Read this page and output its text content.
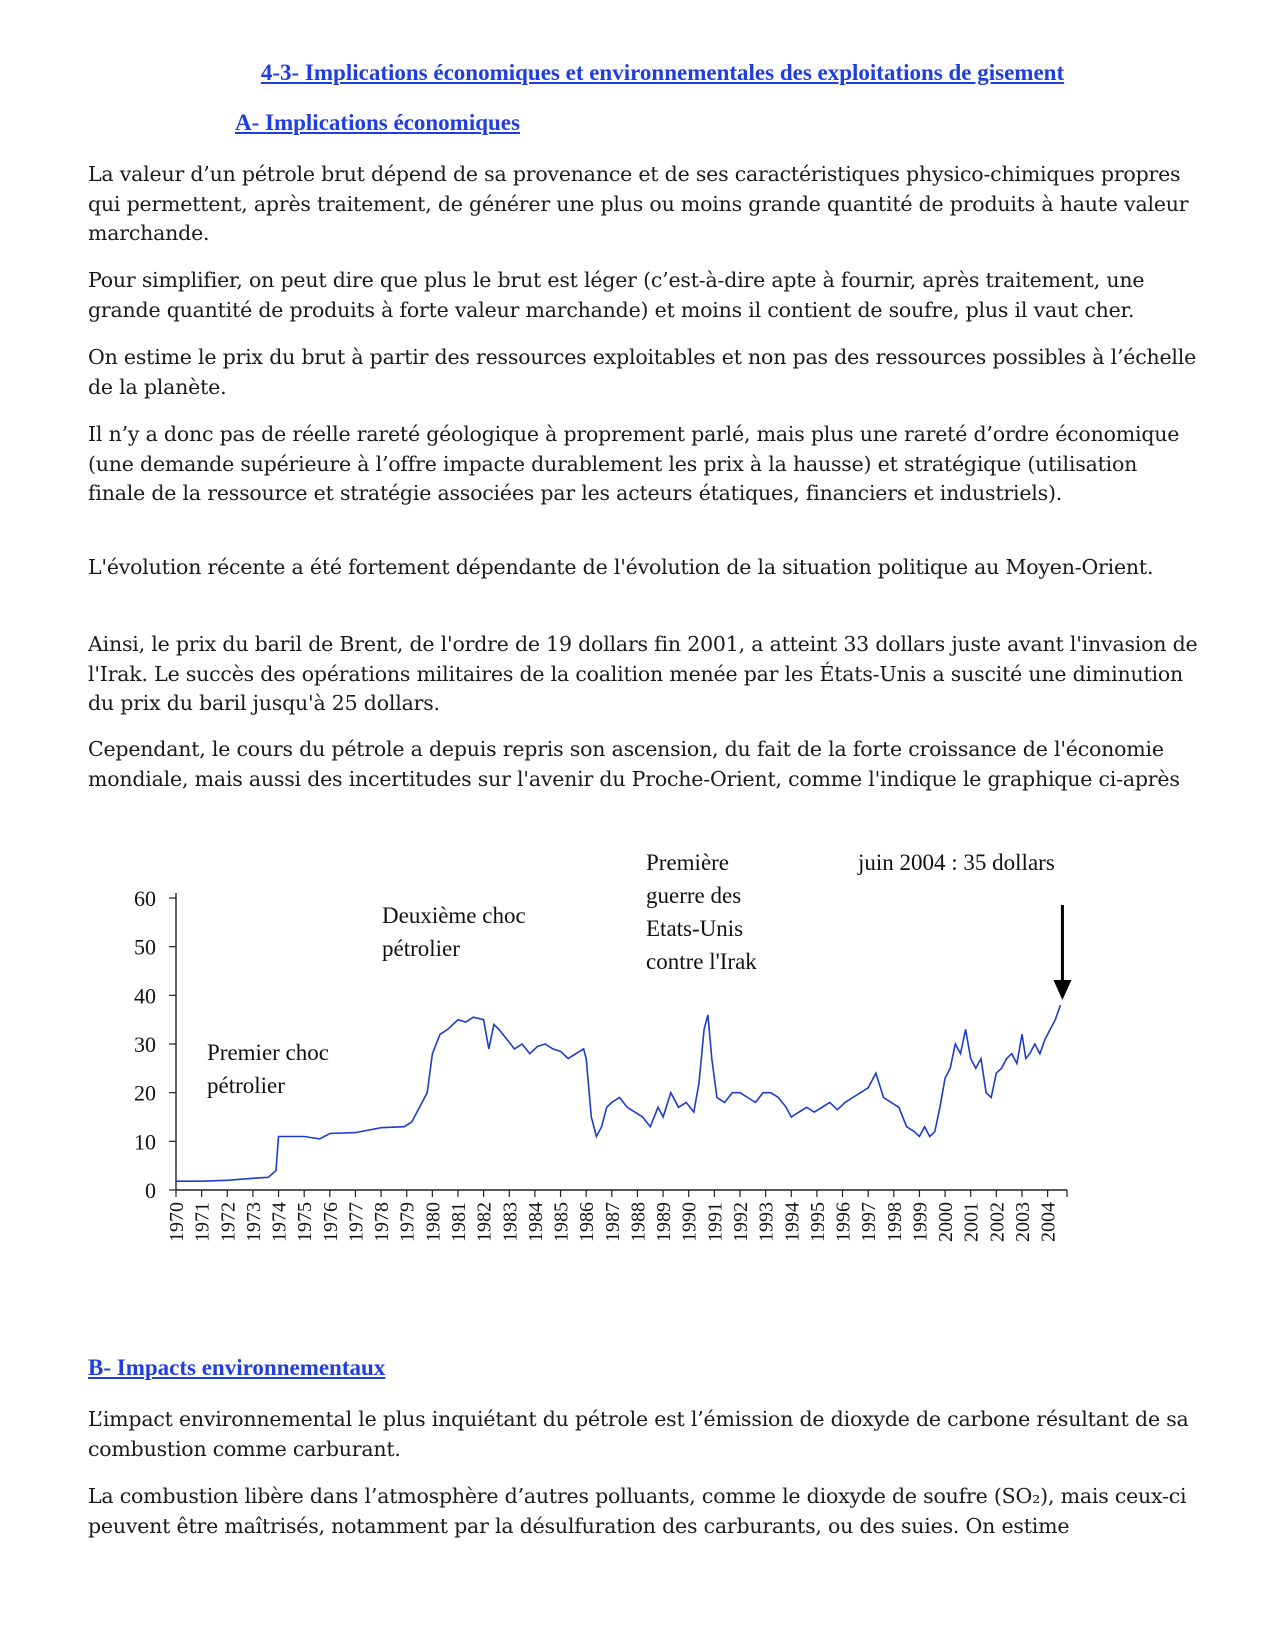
4-3- Implications économiques et environnementales des exploitations de gisement
A- Implications économiques
La valeur d’un pétrole brut dépend de sa provenance et de ses caractéristiques physico-chimiques propres qui permettent, après traitement, de générer une plus ou moins grande quantité de produits à haute valeur marchande.
Pour simplifier, on peut dire que plus le brut est léger (c’est-à-dire apte à fournir, après traitement, une grande quantité de produits à forte valeur marchande) et moins il contient de soufre, plus il vaut cher.
On estime le prix du brut à partir des ressources exploitables et non pas des ressources possibles à l’échelle de la planète.
Il n’y a donc pas de réelle rareté géologique à proprement parlé, mais plus une rareté d’ordre économique (une demande supérieure à l’offre impacte durablement les prix à la hausse) et stratégique (utilisation finale de la ressource et stratégie associées par les acteurs étatiques, financiers et industriels).
L'évolution récente a été fortement dépendante de l'évolution de la situation politique au Moyen-Orient.
Ainsi, le prix du baril de Brent, de l'ordre de 19 dollars fin 2001, a atteint 33 dollars juste avant l'invasion de l'Irak. Le succès des opérations militaires de la coalition menée par les États-Unis a suscité une diminution du prix du baril jusqu'à 25 dollars.
Cependant, le cours du pétrole a depuis repris son ascension, du fait de la forte croissance de l'économie mondiale, mais aussi des incertitudes sur l'avenir du Proche-Orient, comme l'indique le graphique ci-après
0
10
20
30
40
50
60
1970 1971 1972 1973 1974 1975 1976 1977 1978 1979 1980 1981 1982 1983 1984 1985 1986 1987 1988 1989 1990 1991 1992 1993 1994 1995 1996 1997 1998 1999 2000 2001 2002 2003 2004
Premier choc
pétrolier
Deuxième choc
pétrolier
Première
guerre des
Etats-Unis
contre l'Irak
juin 2004 : 35 dollars
B- Impacts environnementaux
L’impact environnemental le plus inquiétant du pétrole est l’émission de dioxyde de carbone résultant de sa combustion comme carburant.
La combustion libère dans l’atmosphère d’autres polluants, comme le dioxyde de soufre (SO₂), mais ceux-ci peuvent être maîtrisés, notamment par la désulfuration des carburants, ou des suies. On estime
